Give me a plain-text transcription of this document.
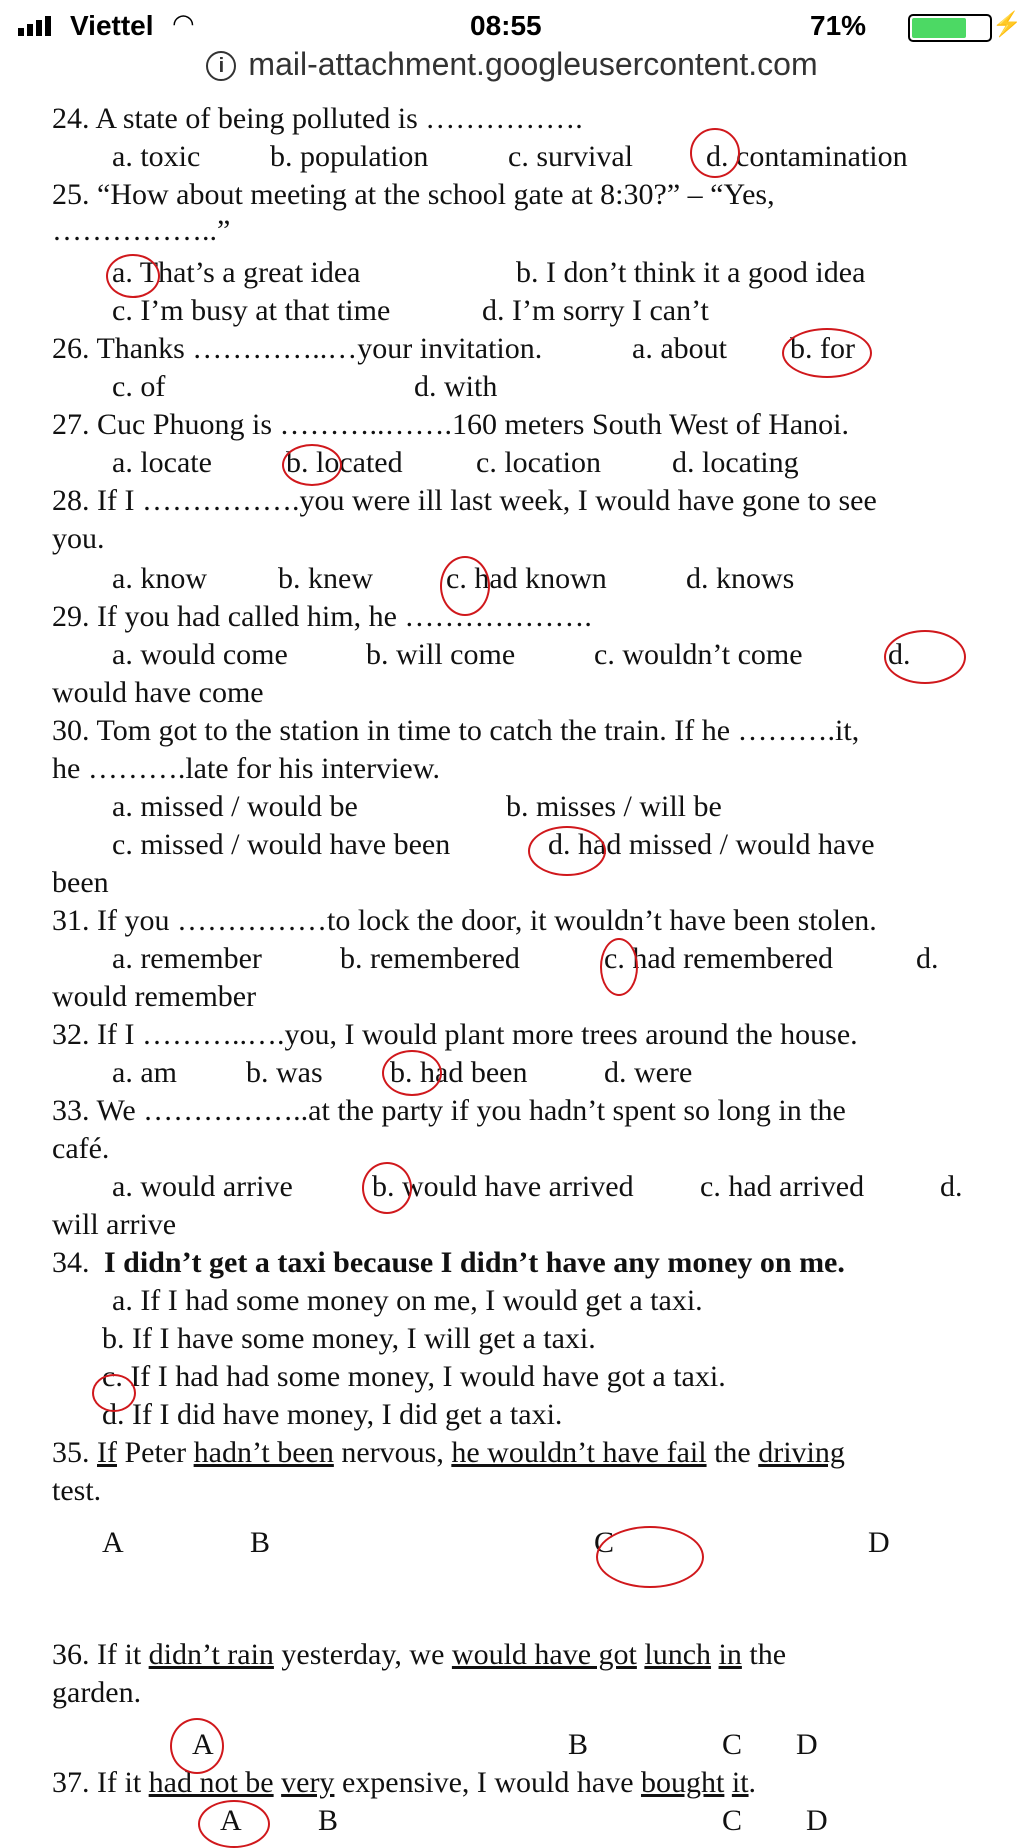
Viettel ◠	08:55	71%	⚡
i mail-attachment.googleusercontent.com
24. A state of being polluted is …………….
a. toxic b. population	c. survival d. contamination
25. “How about meeting at the school gate at 8:30?” – “Yes,
……………..”
a. That’s a great idea	b. I don’t think it a good idea
c. I’m busy at that time	d. I’m sorry I can’t
26. Thanks …………..…your invitation.	a. about b. for
c. of	d. with
27. Cuc Phuong is ………..…….160 meters South West of Hanoi.
a. locate b. located c. location d. locating
28. If I …………….you were ill last week, I would have gone to see
you.
a. know b. knew c. had known	d. knows
29. If you had called him, he ……………….
a. would come	b. will come	c. wouldn’t come	d.
would have come
30. Tom got to the station in time to catch the train. If he ……….it,
he ……….late for his interview.
a. missed / would be	b. misses / will be
c. missed / would have been	d. had missed / would have
been
31. If you ……………to lock the door, it wouldn’t have been stolen.
a. remember	b. remembered	c. had remembered	d.
would remember
32. If I ………..….you, I would plant more trees around the house.
a. am b. was b. had been	d. were
33. We ……………..at the party if you hadn’t spent so long in the
café.
a. would arrive	b. would have arrived c. had arrived	d.
will arrive
34. I didn’t get a taxi because I didn’t have any money on me.
a. If I had some money on me, I would get a taxi.
b. If I have some money, I will get a taxi.
c. If I had had some money, I would have got a taxi.
d. If I did have money, I did get a taxi.
35. If Peter hadn’t been nervous, he wouldn’t have fail the driving
test.
A	B	C	D
36. If it didn’t rain yesterday, we would have got lunch in the
garden.
A	B	C D
37. If it had not be very expensive, I would have bought it.
A	B	C D
